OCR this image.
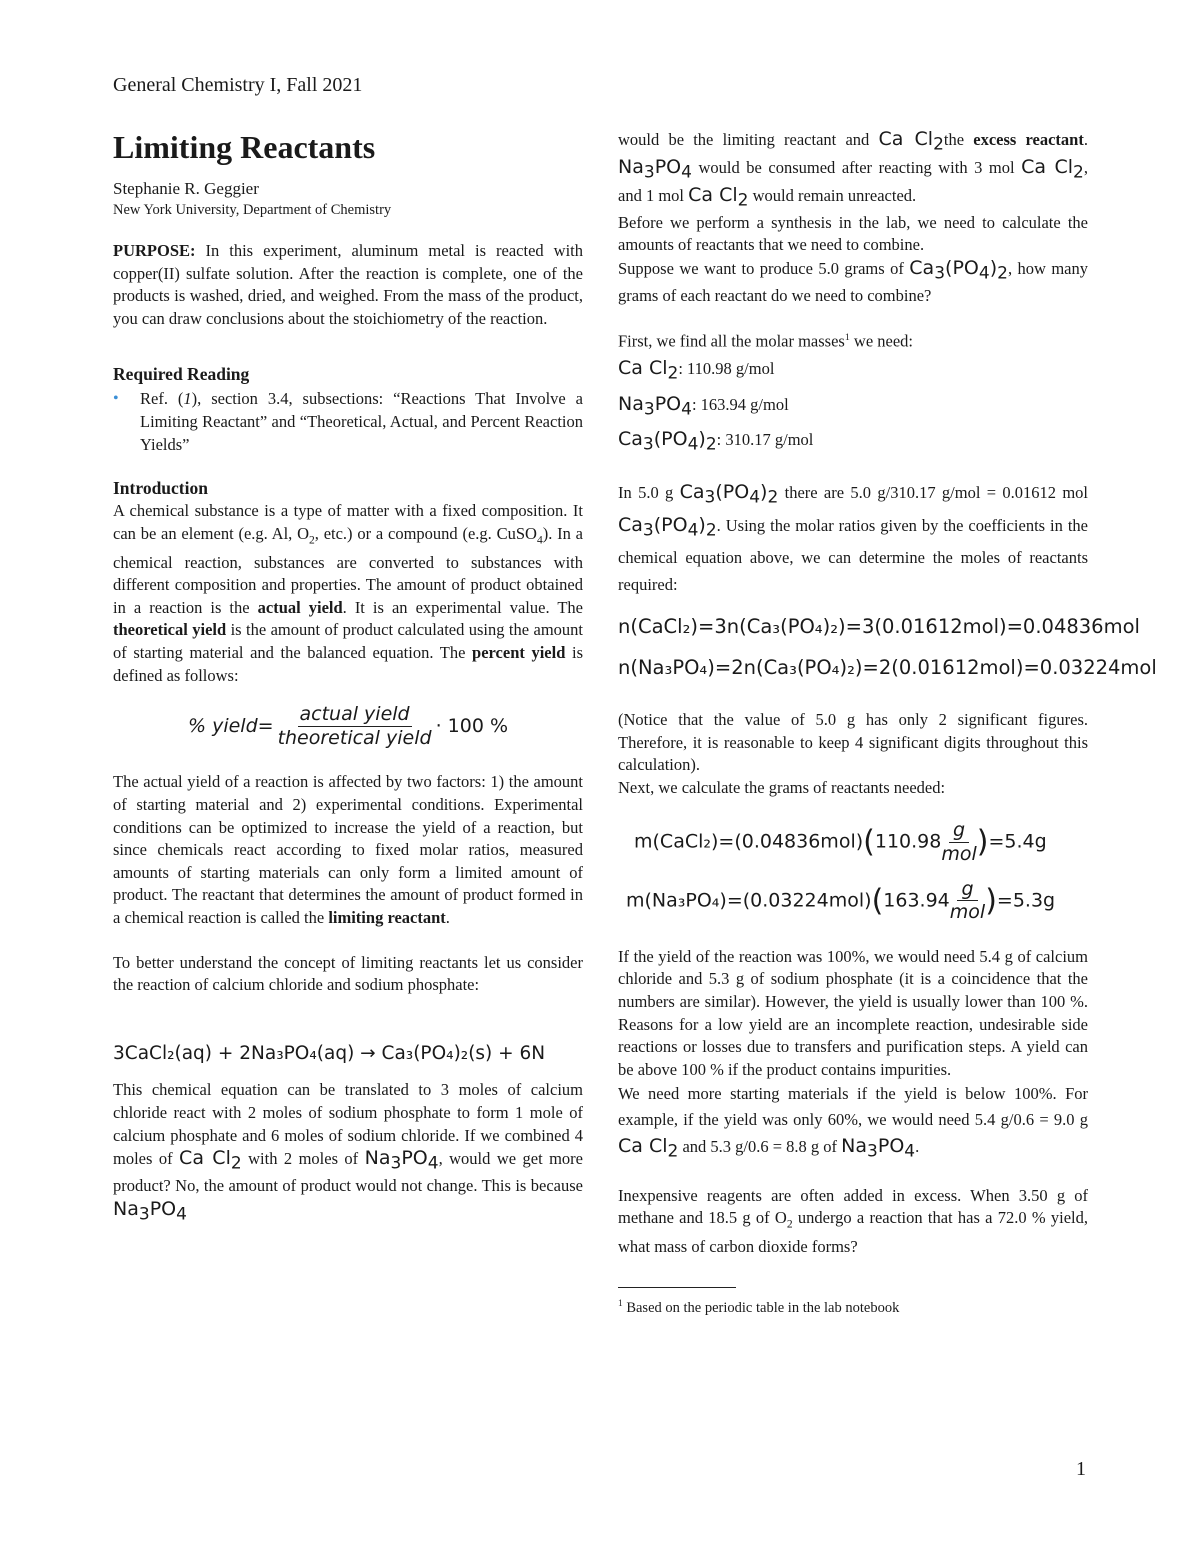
General Chemistry I, Fall 2021
Limiting Reactants
Stephanie R. Geggier
New York University, Department of Chemistry

PURPOSE: In this experiment, aluminum metal is reacted with copper(II) sulfate solution. After the reaction is complete, one of the products is washed, dried, and weighed. From the mass of the product, you can draw conclusions about the stoichiometry of the reaction.

Required Reading
• Ref. (1), section 3.4, subsections: “Reactions That Involve a Limiting Reactant” and “Theoretical, Actual, and Percent Reaction Yields”
Introduction

A chemical substance is a type of matter with a fixed composition. It can be an element (e.g. Al, $O_2$, etc.) or a compound (e.g. CuSO$_4$). In a chemical reaction, substances are converted to substances with different composition and properties. The amount of product obtained in a reaction is the actual yield. It is an experimental value. The theoretical yield is the amount of product calculated using the amount of starting material and the balanced equation. The percent yield is defined as follows:

% yield= $\frac{\text{actual yield}}{\text{theoretical yield}} \cdot 100$ %

The actual yield of a reaction is affected by two factors: 1) the amount of starting material and 2) experimental conditions. Experimental conditions can be optimized to increase the yield of a reaction, but since chemicals react according to fixed molar ratios, measured amounts of starting materials can only form a limited amount of product. The reactant that determines the amount of product formed in a chemical reaction is called the limiting reactant.

To better understand the concept of limiting reactants let us consider the reaction of calcium chloride and sodium phosphate:

3CaCl₂(aq) + 2Na₃PO₄(aq) → Ca₃(PO₄)₂(s) + 6N

This chemical equation can be translated to 3 moles of calcium chloride react with 2 moles of sodium phosphate to form 1 mole of calcium phosphate and 6 moles of sodium chloride. If we combined 4 moles of Ca $Cl_2$ with 2 moles of $Na_3PO_4$, would we get more product? No, the amount of product would not change. This is because $Na_3PO_4$

would be the limiting reactant and Ca $Cl_2the$ excess reactant. $Na_3PO_4$ would be consumed after reacting with 3 mol Ca $Cl_2$, and 1 mol Ca $Cl_2$ would remain unreacted.

Before we perform a synthesis in the lab, we need to calculate the amounts of reactants that we need to combine.

Suppose we want to produce 5.0 grams of $Ca_3(PO_4)_2$, how many grams of each reactant do we need to combine?

First, we find all the molar masses$^1$ we need:

Ca $Cl_2$: 110.98 g/mol

$Na_3PO_4$: 163.94 g/mol

$Ca_3(PO_4)_2$: 310.17 g/mol

In 5.0 g $Ca_3(PO_4)_2$ there are 5.0 g/310.17 g/mol = 0.01612 mol $Ca_3(PO_4)_2$. Using the molar ratios given by the coefficients in the chemical equation above, we can determine the moles of reactants required:

n(CaCl₂)=3n(Ca₃(PO₄)₂)=3(0.01612mol)=0.04836mol
n(Na₃PO₄)=2n(Ca₃(PO₄)₂)=2(0.01612mol)=0.03224mol

(Notice that the value of 5.0 g has only 2 significant figures. Therefore, it is reasonable to keep 4 significant digits throughout this calculation).

Next, we calculate the grams of reactants needed:

m(CaCl₂)=(0.04836mol)(110.98
g
mol )=5.4g
m(Na₃PO₄)=(0.03224mol)(163.94
g
mol )=5.3g

If the yield of the reaction was 100%, we would need 5.4 g of calcium chloride and 5.3 g of sodium phosphate (it is a coincidence that the numbers are similar). However, the yield is usually lower than 100 %. Reasons for a low yield are an incomplete reaction, undesirable side reactions or losses due to transfers and purification steps. A yield can be above 100 % if the product contains impurities.

We need more starting materials if the yield is below 100%. For example, if the yield was only 60%, we would need 5.4 g/0.6 = 9.0 g Ca $Cl_2$ and 5.3 g/0.6 = 8.8 g of $Na_3PO_4$.

Inexpensive reagents are often added in excess. When 3.50 g of methane and 18.5 g of $O_2$ undergo a reaction that has a 72.0 % yield, what mass of carbon dioxide forms?

$^1$ Based on the periodic table in the lab notebook
1
